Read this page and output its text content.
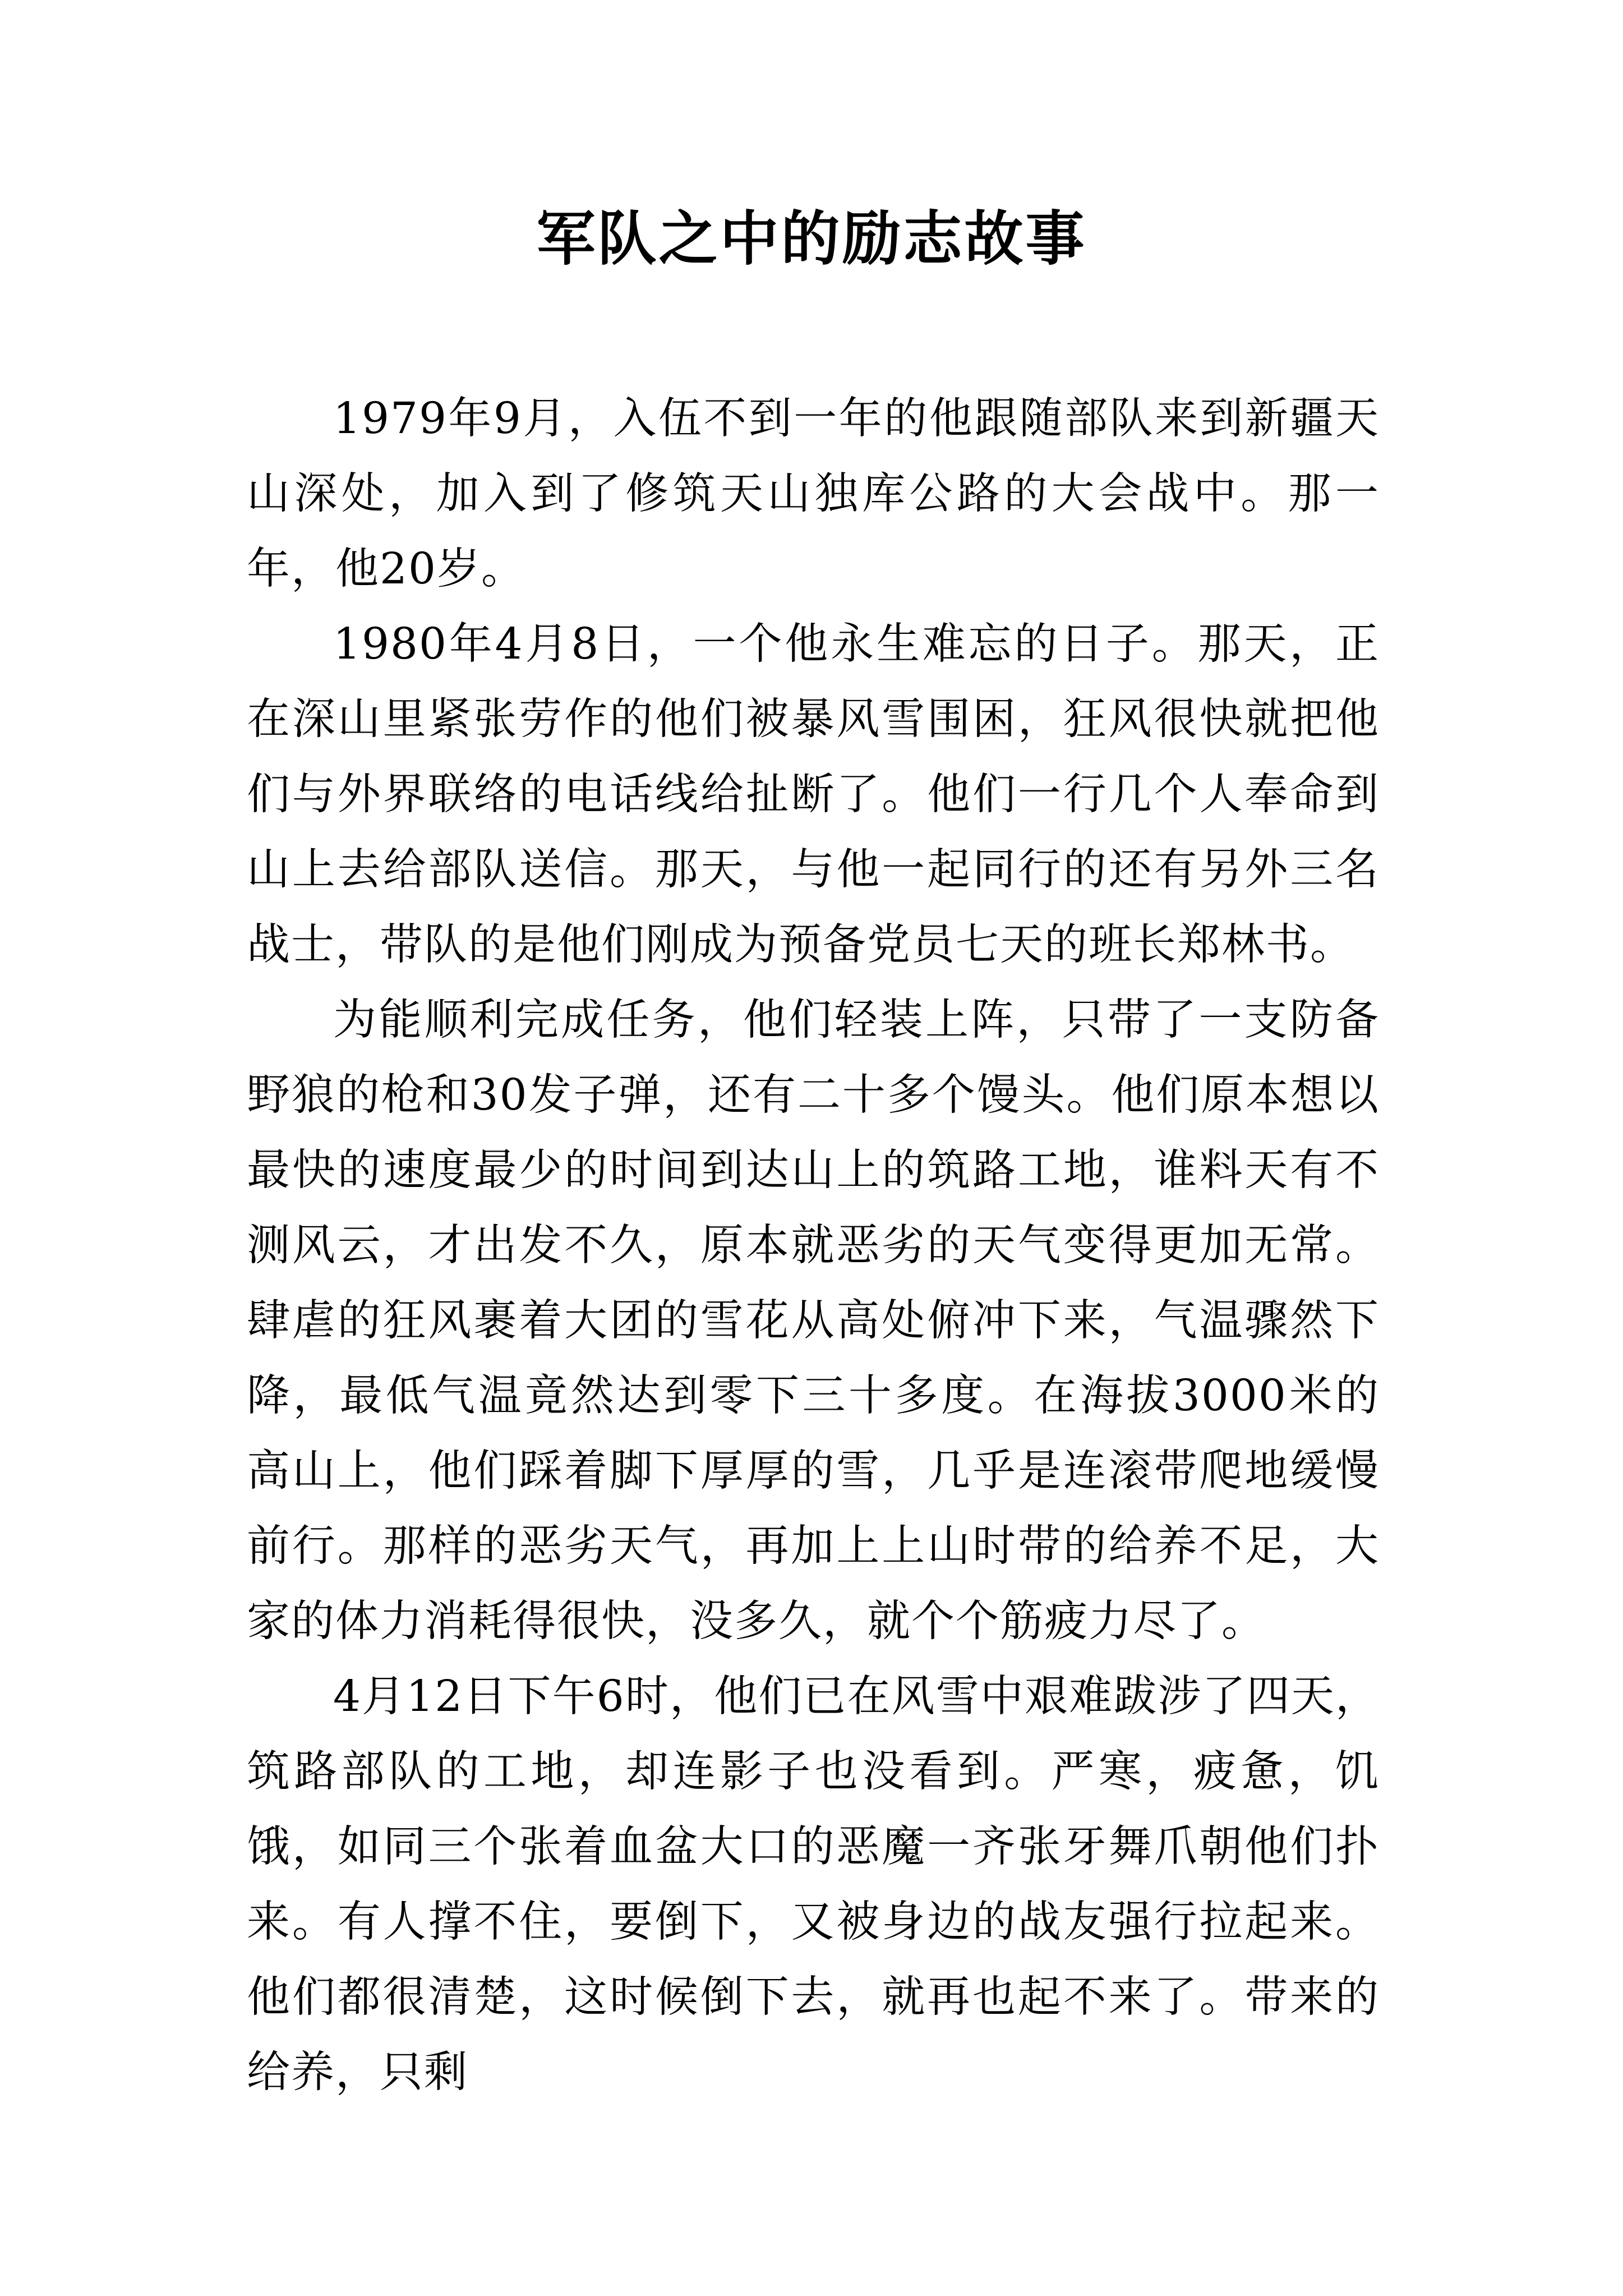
军队之中的励志故事

1979年9月，入伍不到一年的他跟随部队来到新疆天山深处，加入到了修筑天山独库公路的大会战中。那一年，他20岁。

1980年4月8日，一个他永生难忘的日子。那天，正在深山里紧张劳作的他们被暴风雪围困，狂风很快就把他们与外界联络的电话线给扯断了。他们一行几个人奉命到山上去给部队送信。那天，与他一起同行的还有另外三名战士，带队的是他们刚成为预备党员七天的班长郑林书。

为能顺利完成任务，他们轻装上阵，只带了一支防备野狼的枪和30发子弹，还有二十多个馒头。他们原本想以最快的速度最少的时间到达山上的筑路工地，谁料天有不测风云，才出发不久，原本就恶劣的天气变得更加无常。肆虐的狂风裹着大团的雪花从高处俯冲下来，气温骤然下降，最低气温竟然达到零下三十多度。在海拔3000米的高山上，他们踩着脚下厚厚的雪，几乎是连滚带爬地缓慢前行。那样的恶劣天气，再加上上山时带的给养不足，大家的体力消耗得很快，没多久，就个个筋疲力尽了。

4月12日下午6时，他们已在风雪中艰难跋涉了四天，筑路部队的工地，却连影子也没看到。严寒，疲惫，饥饿，如同三个张着血盆大口的恶魔一齐张牙舞爪朝他们扑来。有人撑不住，要倒下，又被身边的战友强行拉起来。他们都很清楚，这时候倒下去，就再也起不来了。带来的给养，只剩
